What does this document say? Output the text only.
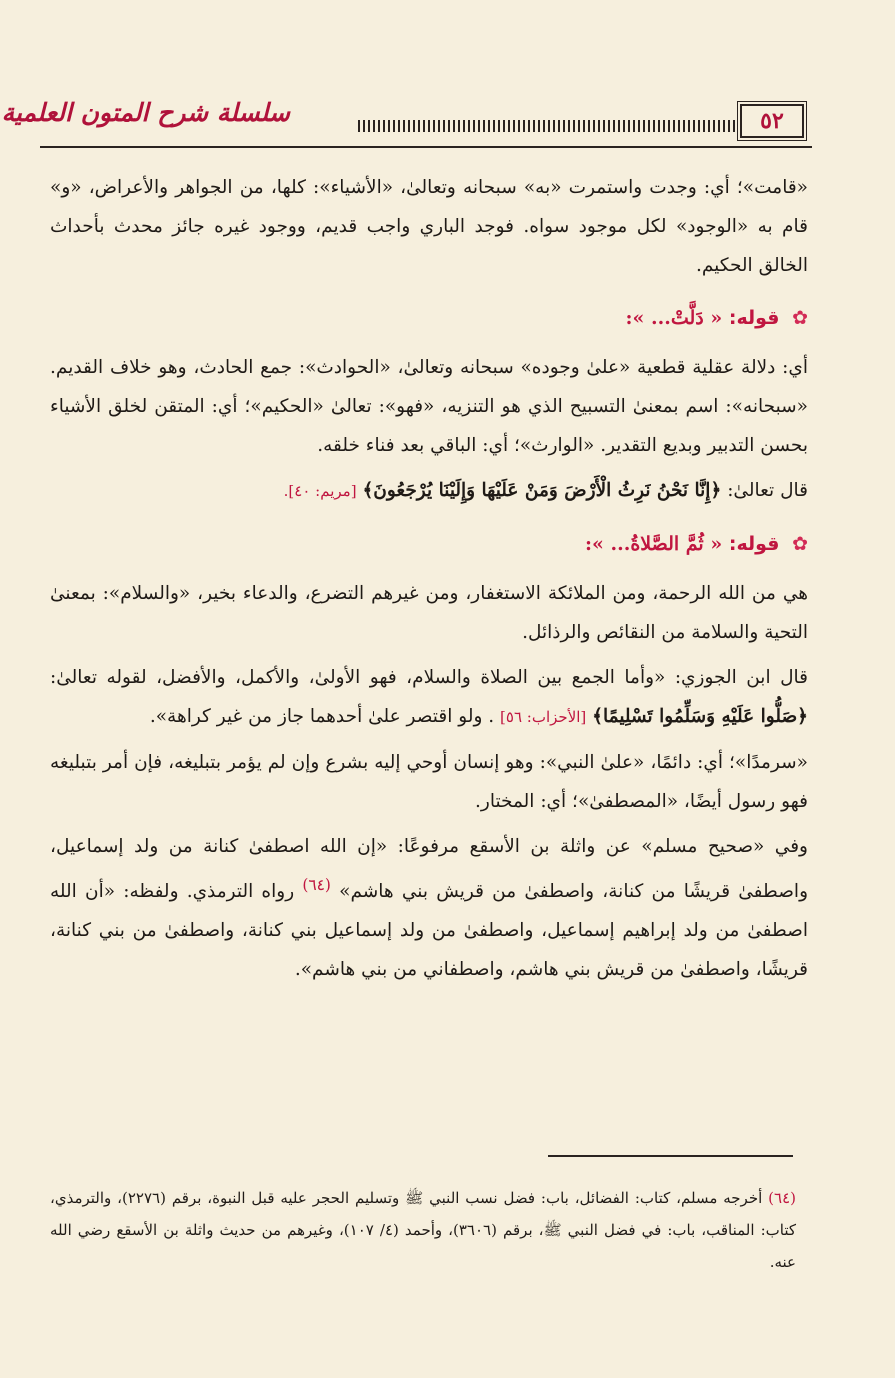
سلسلة شرح المتون العلمية	٥٢

«قامت»؛ أي: وجدت واستمرت «به» سبحانه وتعالىٰ، «الأشياء»: كلها، من الجواهر والأعراض، «و» قام به «الوجود» لكل موجود سواه. فوجد الباري واجب قديم، ووجود غيره جائز محدث بأحداث الخالق الحكيم.

✿ قوله: « دَلَّتْ... »:

أي: دلالة عقلية قطعية «علىٰ وجوده» سبحانه وتعالىٰ، «الحوادث»: جمع الحادث، وهو خلاف القديم. «سبحانه»: اسم بمعنىٰ التسبيح الذي هو التنزيه، «فهو»: تعالىٰ «الحكيم»؛ أي: المتقن لخلق الأشياء بحسن التدبير وبديع التقدير. «الوارث»؛ أي: الباقي بعد فناء خلقه.

قال تعالىٰ: ﴿إِنَّا نَحْنُ نَرِثُ الْأَرْضَ وَمَنْ عَلَيْهَا وَإِلَيْنَا يُرْجَعُونَ﴾ [مريم: ٤٠].

✿ قوله: « ثُمَّ الصَّلاةُ... »:

هي من الله الرحمة، ومن الملائكة الاستغفار، ومن غيرهم التضرع، والدعاء بخير، «والسلام»: بمعنىٰ التحية والسلامة من النقائص والرذائل.

قال ابن الجوزي: «وأما الجمع بين الصلاة والسلام، فهو الأولىٰ، والأكمل، والأفضل، لقوله تعالىٰ: ﴿صَلُّوا عَلَيْهِ وَسَلِّمُوا تَسْلِيمًا﴾ [الأحزاب: ٥٦] . ولو اقتصر علىٰ أحدهما جاز من غير كراهة».

«سرمدًا»؛ أي: دائمًا، «علىٰ النبي»: وهو إنسان أوحي إليه بشرع وإن لم يؤمر بتبليغه، فإن أمر بتبليغه فهو رسول أيضًا، «المصطفىٰ»؛ أي: المختار.

وفي «صحيح مسلم» عن واثلة بن الأسقع مرفوعًا: «إن الله اصطفىٰ كنانة من ولد إسماعيل، واصطفىٰ قريشًا من كنانة، واصطفىٰ من قريش بني هاشم» $^{(٦٤)}$ رواه الترمذي. ولفظه: «أن الله اصطفىٰ من ولد إبراهيم إسماعيل، واصطفىٰ من ولد إسماعيل بني كنانة، واصطفىٰ من بني كنانة، قريشًا، واصطفىٰ من قريش بني هاشم، واصطفاني من بني هاشم».

(٦٤) أخرجه مسلم، كتاب: الفضائل، باب: فضل نسب النبي ﷺ وتسليم الحجر عليه قبل النبوة، برقم (٢٢٧٦)، والترمذي، كتاب: المناقب، باب: في فضل النبي ﷺ، برقم (٣٦٠٦)، وأحمد (٤/ ١٠٧)، وغيرهم من حديث واثلة بن الأسقع رضي الله عنه.
